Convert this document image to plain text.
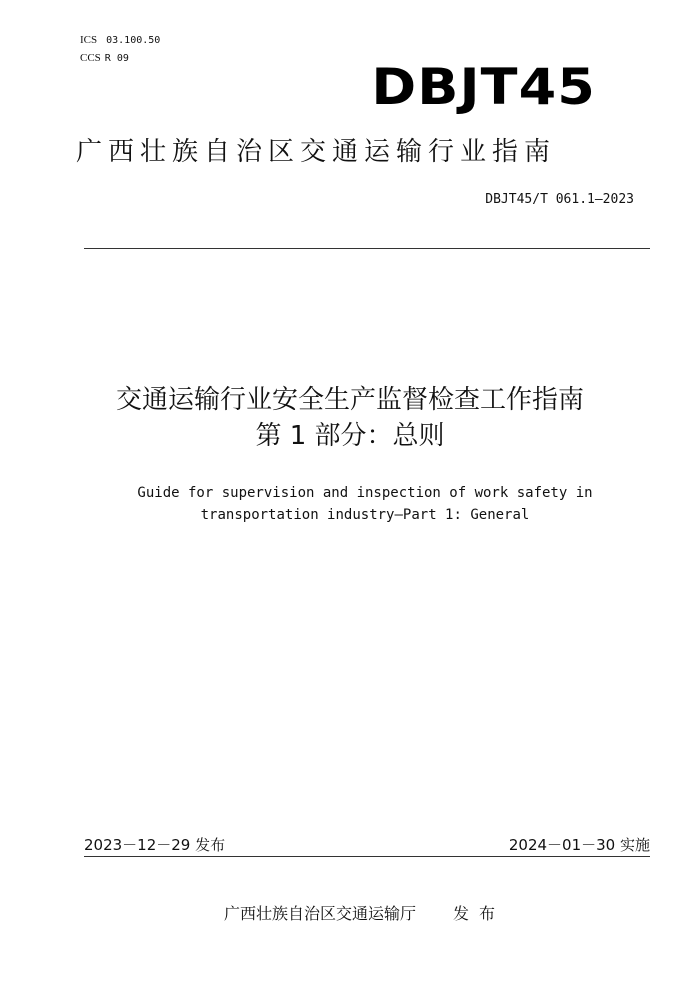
ICS 03.100.50
CCS R 09	DBJT45
广西壮族自治区交通运输行业指南
DBJT45/T 061.1—2023
交通运输行业安全生产监督检查工作指南
第 1 部分：总则
Guide for supervision and inspection of work safety in
transportation industry—Part 1: General
2023－12－29 发布	2024－01－30 实施
广西壮族自治区交通运输厅 发布
